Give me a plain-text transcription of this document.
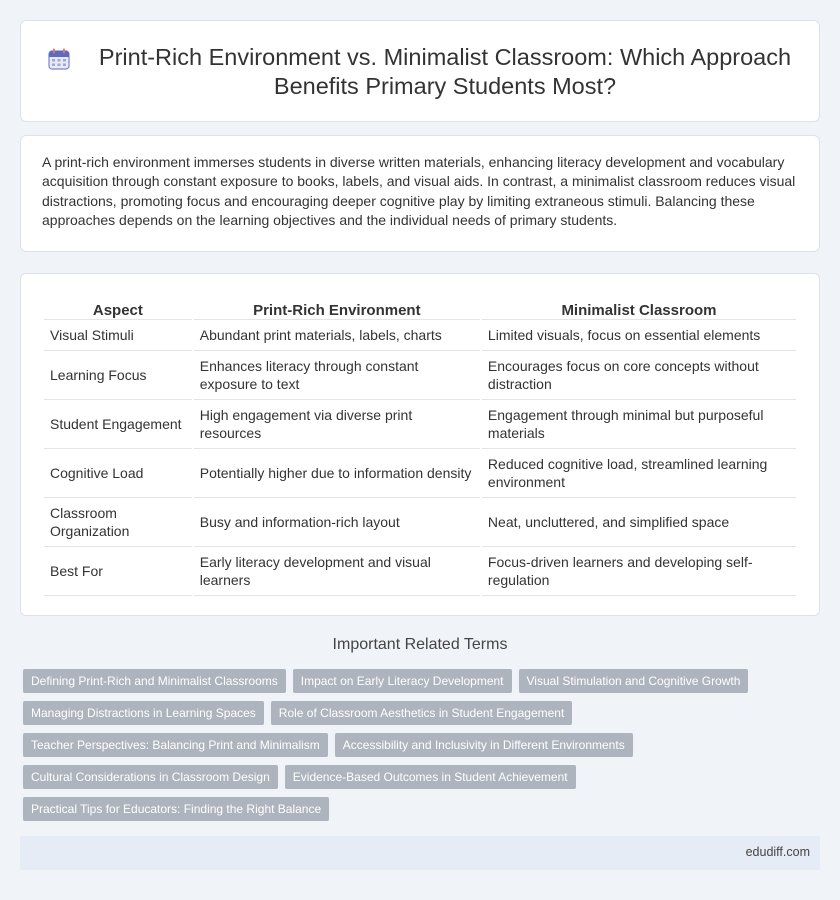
Print-Rich Environment vs. Minimalist Classroom: Which Approach Benefits Primary Students Most?

A print-rich environment immerses students in diverse written materials, enhancing literacy development and vocabulary acquisition through constant exposure to books, labels, and visual aids. In contrast, a minimalist classroom reduces visual distractions, promoting focus and encouraging deeper cognitive play by limiting extraneous stimuli. Balancing these approaches depends on the learning objectives and the individual needs of primary students.

Aspect	Print-Rich Environment	Minimalist Classroom
Visual Stimuli	Abundant print materials, labels, charts	Limited visuals, focus on essential elements
Learning Focus	Enhances literacy through constant exposure to text	Encourages focus on core concepts without distraction
Student Engagement	High engagement via diverse print resources	Engagement through minimal but purposeful materials
Cognitive Load	Potentially higher due to information density	Reduced cognitive load, streamlined learning environment
Classroom Organization	Busy and information-rich layout	Neat, uncluttered, and simplified space
Best For	Early literacy development and visual learners	Focus-driven learners and developing self-regulation
Important Related Terms
Defining Print-Rich and Minimalist Classrooms	Impact on Early Literacy Development	Visual Stimulation and Cognitive Growth
Managing Distractions in Learning Spaces	Role of Classroom Aesthetics in Student Engagement
Teacher Perspectives: Balancing Print and Minimalism	Accessibility and Inclusivity in Different Environments
Cultural Considerations in Classroom Design	Evidence-Based Outcomes in Student Achievement
Practical Tips for Educators: Finding the Right Balance
edudiff.com
